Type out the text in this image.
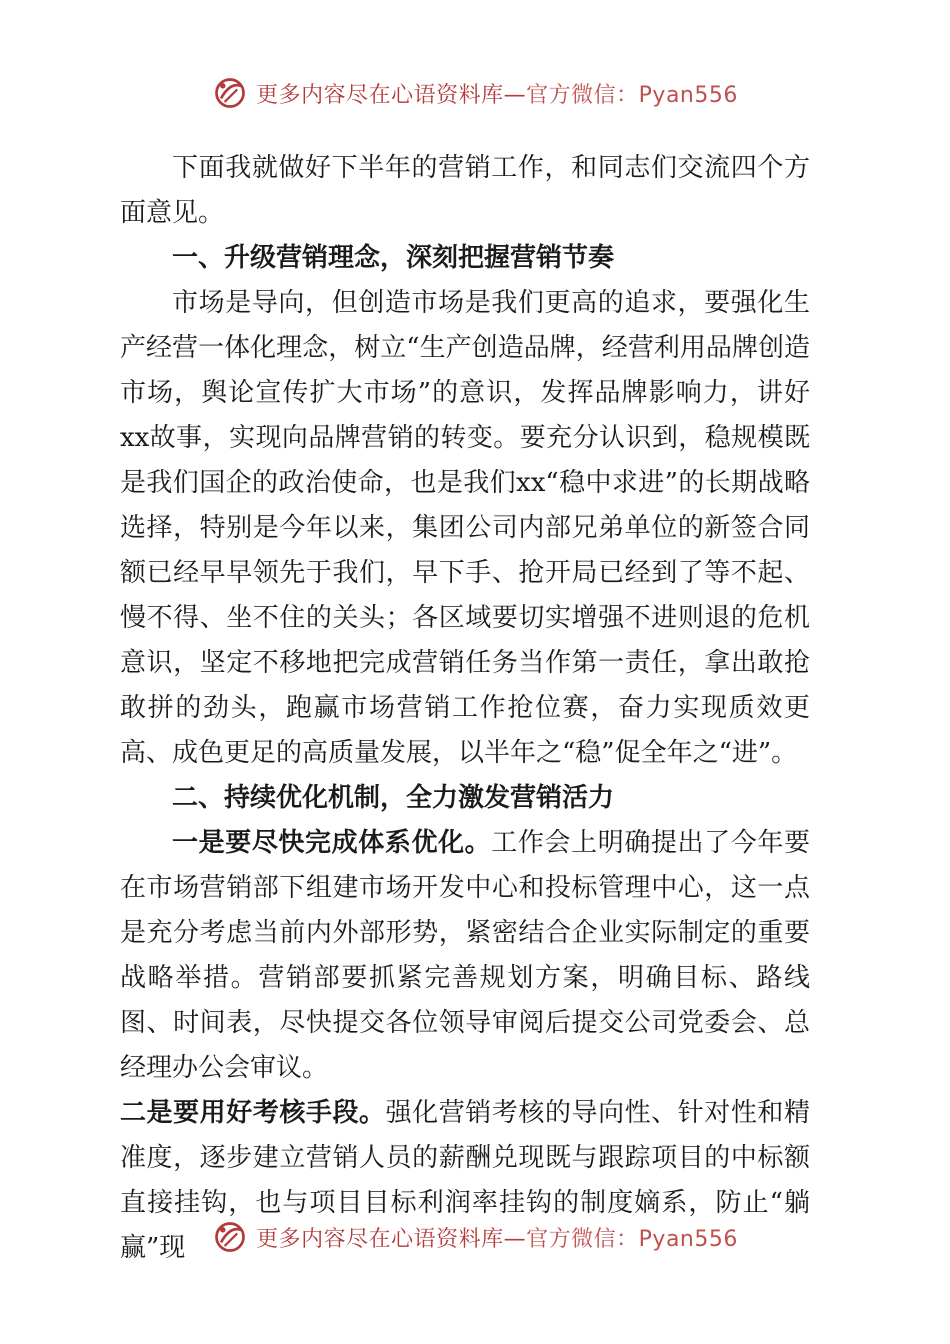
更多内容尽在心语资料库— 官方微信：Pyan556

下面我就做好下半年的营销工作，和同志们交流四个方面意见。

一、升级营销理念，深刻把握营销节奏

市场是导向，但创造市场是我们更高的追求，要强化生产经营一体化理念，树立“生产创造品牌，经营利用品牌创造市场，舆论宣传扩大市场”的意识，发挥品牌影响力，讲好xx故事，实现向品牌营销的转变。要充分认识到，稳规模既是我们国企的政治使命，也是我们xx“稳中求进”的长期战略选择，特别是今年以来，集团公司内部兄弟单位的新签合同额已经早早领先于我们，早下手、抢开局已经到了等不起、慢不得、坐不住的关头；各区域要切实增强不进则退的危机意识，坚定不移地把完成营销任务当作第一责任，拿出敢抢敢拼的劲头，跑赢市场营销工作抢位赛，奋力实现质效更高、成色更足的高质量发展，以半年之“稳”促全年之“进”。

二、持续优化机制，全力激发营销活力

一是要尽快完成体系优化。工作会上明确提出了今年要在市场营销部下组建市场开发中心和投标管理中心，这一点是充分考虑当前内外部形势，紧密结合企业实际制定的重要战略举措。营销部要抓紧完善规划方案，明确目标、路线图、时间表，尽快提交各位领导审阅后提交公司党委会、总经理办公会审议。

二是要用好考核手段。强化营销考核的导向性、针对性和精准度，逐步建立营销人员的薪酬兑现既与跟踪项目的中标额直接挂钩，也与项目目标利润率挂钩的制度嫡系，防止“躺赢”现	更多内容尽在心语资料库— 官方微信：Pyan556
